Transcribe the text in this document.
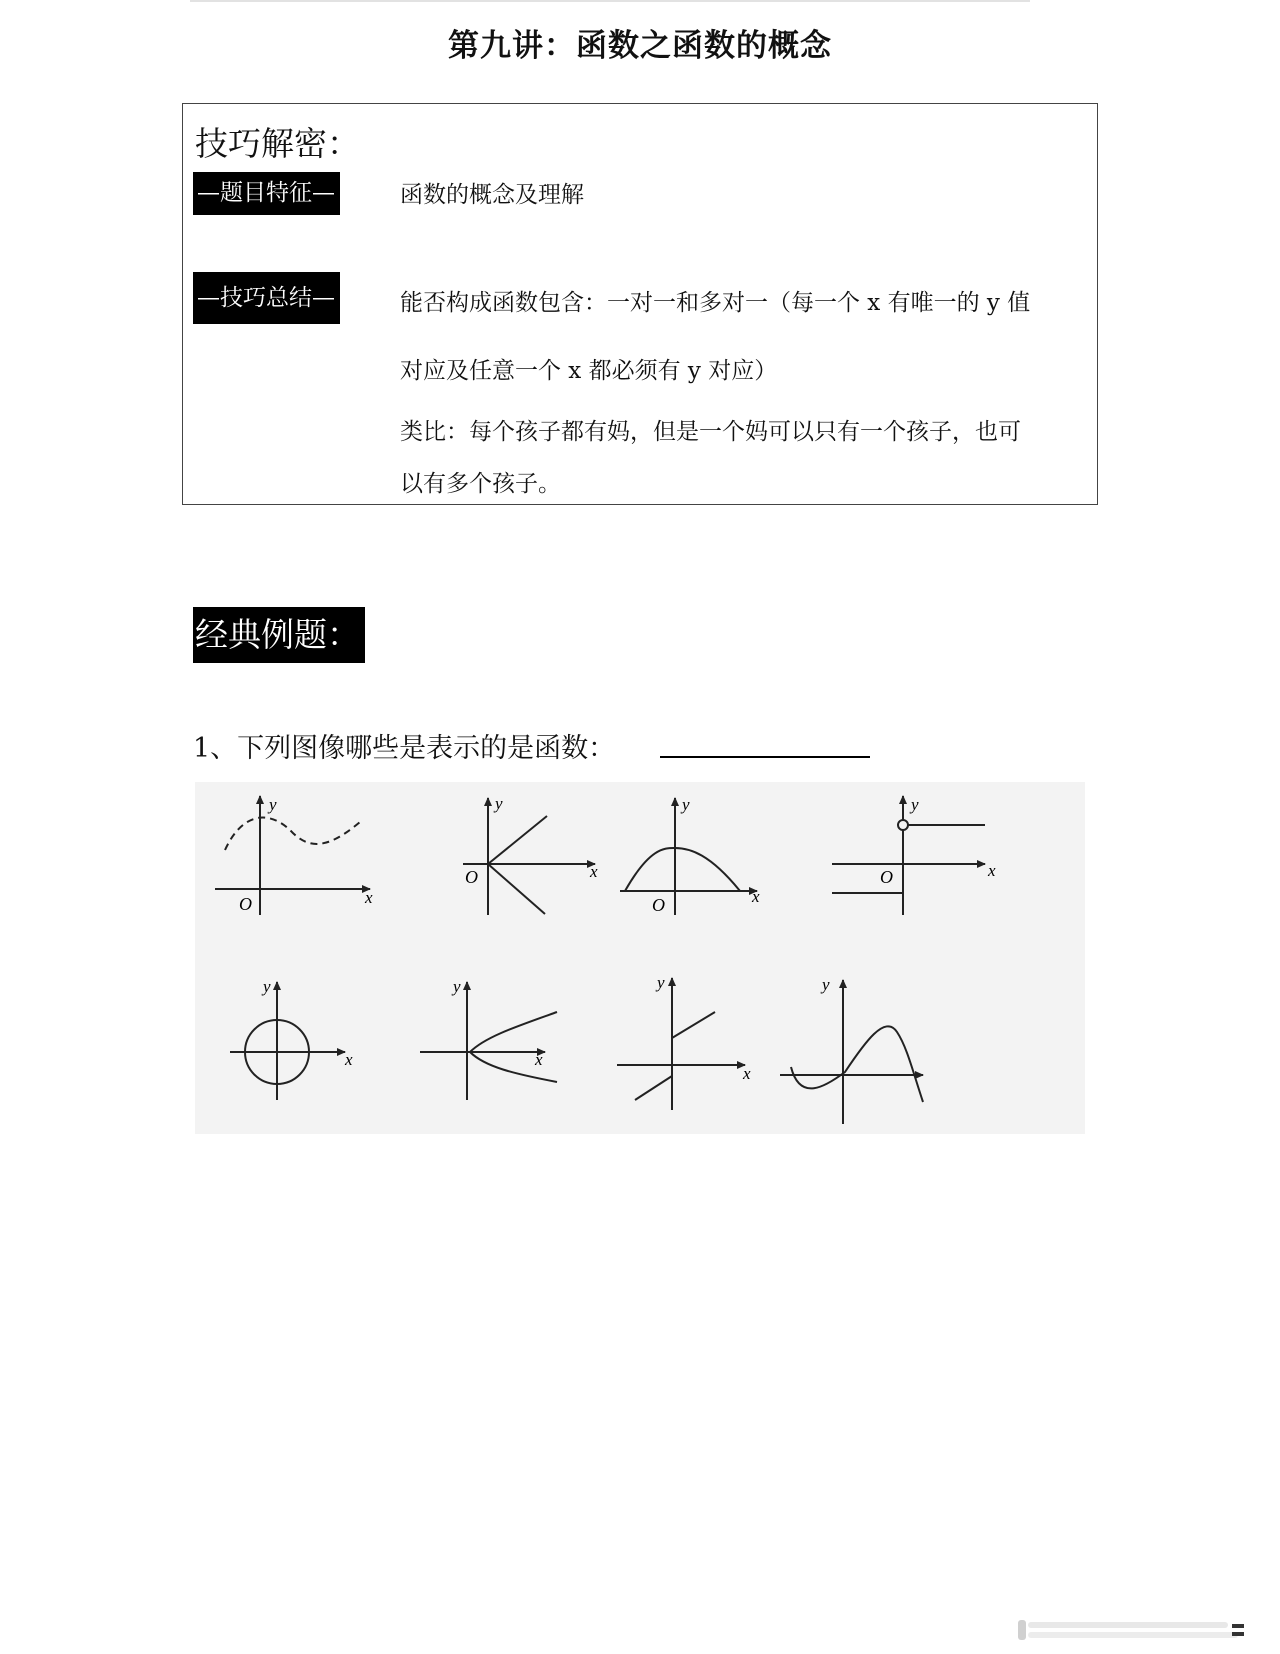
第九讲：函数之函数的概念
技巧解密：
—题目特征—	函数的概念及理解
—技巧总结—	能否构成函数包含：一对一和多对一（每一个 x 有唯一的 y 值
对应及任意一个 x 都必须有 y 对应）
类比：每个孩子都有妈，但是一个妈可以只有一个孩子，也可
以有多个孩子。
经典例题：
1、下列图像哪些是表示的是函数：
y
x
O
y
x
O
y
x
O
y
x
O
y
x
y
x
y
x
y
